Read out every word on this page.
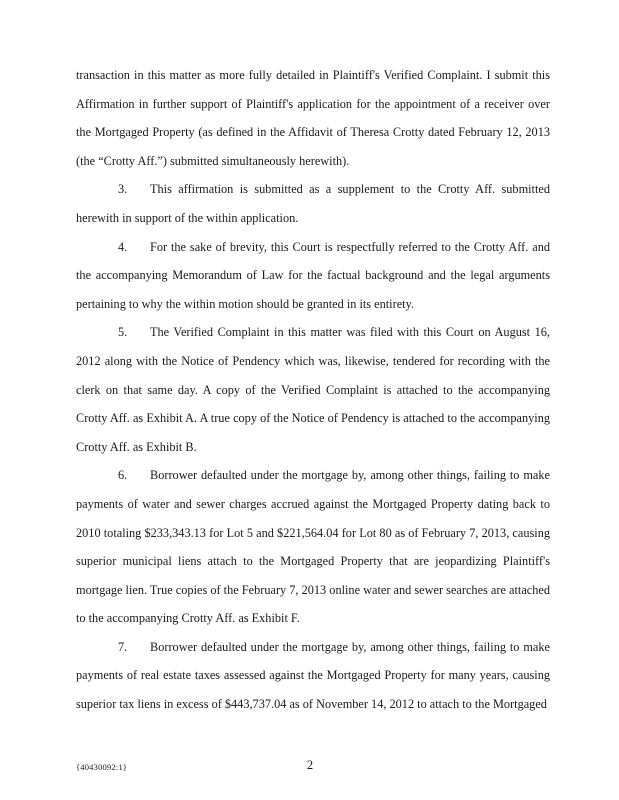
transaction in this matter as more fully detailed in Plaintiff's Verified Complaint. I submit this Affirmation in further support of Plaintiff's application for the appointment of a receiver over the Mortgaged Property (as defined in the Affidavit of Theresa Crotty dated February 12, 2013 (the “Crotty Aff.”) submitted simultaneously herewith).

3. This affirmation is submitted as a supplement to the Crotty Aff. submitted herewith in support of the within application.

4. For the sake of brevity, this Court is respectfully referred to the Crotty Aff. and the accompanying Memorandum of Law for the factual background and the legal arguments pertaining to why the within motion should be granted in its entirety.

5. The Verified Complaint in this matter was filed with this Court on August 16, 2012 along with the Notice of Pendency which was, likewise, tendered for recording with the clerk on that same day. A copy of the Verified Complaint is attached to the accompanying Crotty Aff. as Exhibit A. A true copy of the Notice of Pendency is attached to the accompanying Crotty Aff. as Exhibit B.

6. Borrower defaulted under the mortgage by, among other things, failing to make payments of water and sewer charges accrued against the Mortgaged Property dating back to 2010 totaling $233,343.13 for Lot 5 and $221,564.04 for Lot 80 as of February 7, 2013, causing superior municipal liens attach to the Mortgaged Property that are jeopardizing Plaintiff's mortgage lien. True copies of the February 7, 2013 online water and sewer searches are attached to the accompanying Crotty Aff. as Exhibit F.

7. Borrower defaulted under the mortgage by, among other things, failing to make payments of real estate taxes assessed against the Mortgaged Property for many years, causing superior tax liens in excess of $443,737.04 as of November 14, 2012 to attach to the Mortgaged

{40430092:1}	2
